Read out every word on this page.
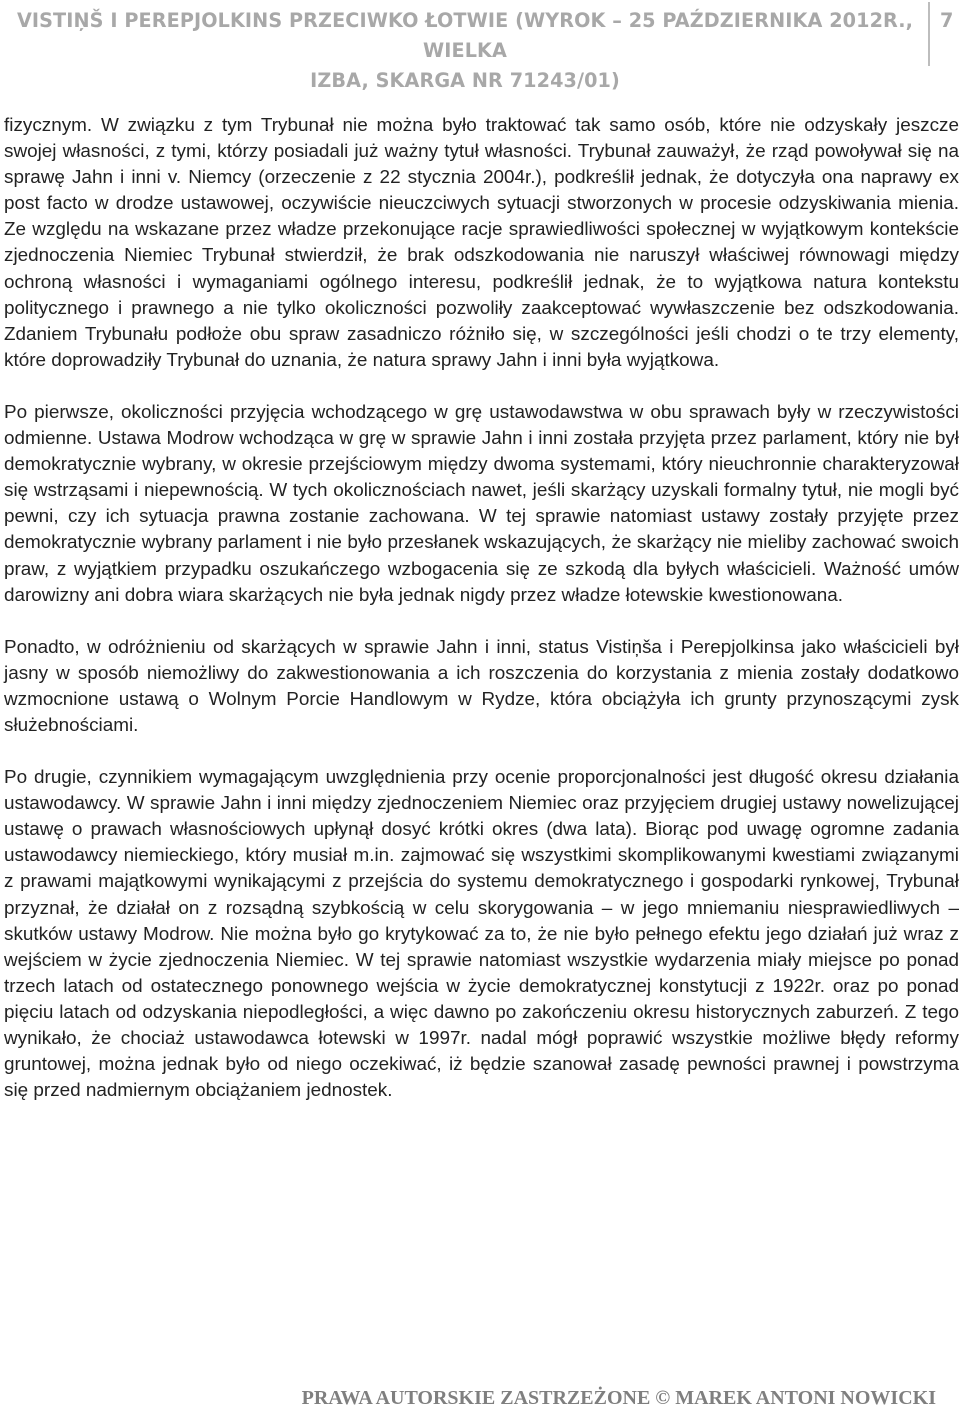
VISTIŅŠ I PEREPJOLKINS PRZECIWKO ŁOTWIE (WYROK – 25 PAŹDZIERNIKA 2012R., WIELKA
IZBA, SKARGA NR 71243/01)
7

fizycznym. W związku z tym Trybunał nie można było traktować tak samo osób, które nie odzyskały jeszcze swojej własności, z tymi, którzy posiadali już ważny tytuł własności. Trybunał zauważył, że rząd powoływał się na sprawę Jahn i inni v. Niemcy (orzeczenie z 22 stycznia 2004r.), podkreślił jednak, że dotyczyła ona naprawy ex post facto w drodze ustawowej, oczywiście nieuczciwych sytuacji stworzonych w procesie odzyskiwania mienia. Ze względu na wskazane przez władze przekonujące racje sprawiedliwości społecznej w wyjątkowym kontekście zjednoczenia Niemiec Trybunał stwierdził, że brak odszkodowania nie naruszył właściwej równowagi między ochroną własności i wymaganiami ogólnego interesu, podkreślił jednak, że to wyjątkowa natura kontekstu politycznego i prawnego a nie tylko okoliczności pozwoliły zaakceptować wywłaszczenie bez odszkodowania. Zdaniem Trybunału podłoże obu spraw zasadniczo różniło się, w szczególności jeśli chodzi o te trzy elementy, które doprowadziły Trybunał do uznania, że natura sprawy Jahn i inni była wyjątkowa.

Po pierwsze, okoliczności przyjęcia wchodzącego w grę ustawodawstwa w obu sprawach były w rzeczywistości odmienne. Ustawa Modrow wchodząca w grę w sprawie Jahn i inni została przyjęta przez parlament, który nie był demokratycznie wybrany, w okresie przejściowym między dwoma systemami, który nieuchronnie charakteryzował się wstrząsami i niepewnością. W tych okolicznościach nawet, jeśli skarżący uzyskali formalny tytuł, nie mogli być pewni, czy ich sytuacja prawna zostanie zachowana. W tej sprawie natomiast ustawy zostały przyjęte przez demokratycznie wybrany parlament i nie było przesłanek wskazujących, że skarżący nie mieliby zachować swoich praw, z wyjątkiem przypadku oszukańczego wzbogacenia się ze szkodą dla byłych właścicieli. Ważność umów darowizny ani dobra wiara skarżących nie była jednak nigdy przez władze łotewskie kwestionowana.

Ponadto, w odróżnieniu od skarżących w sprawie Jahn i inni, status Vistiņša i Perepjolkinsa jako właścicieli był jasny w sposób niemożliwy do zakwestionowania a ich roszczenia do korzystania z mienia zostały dodatkowo wzmocnione ustawą o Wolnym Porcie Handlowym w Rydze, która obciążyła ich grunty przynoszącymi zysk służebnościami.

Po drugie, czynnikiem wymagającym uwzględnienia przy ocenie proporcjonalności jest długość okresu działania ustawodawcy. W sprawie Jahn i inni między zjednoczeniem Niemiec oraz przyjęciem drugiej ustawy nowelizującej ustawę o prawach własnościowych upłynął dosyć krótki okres (dwa lata). Biorąc pod uwagę ogromne zadania ustawodawcy niemieckiego, który musiał m.in. zajmować się wszystkimi skomplikowanymi kwestiami związanymi z prawami majątkowymi wynikającymi z przejścia do systemu demokratycznego i gospodarki rynkowej, Trybunał przyznał, że działał on z rozsądną szybkością w celu skorygowania – w jego mniemaniu niesprawiedliwych – skutków ustawy Modrow. Nie można było go krytykować za to, że nie było pełnego efektu jego działań już wraz z wejściem w życie zjednoczenia Niemiec. W tej sprawie natomiast wszystkie wydarzenia miały miejsce po ponad trzech latach od ostatecznego ponownego wejścia w życie demokratycznej konstytucji z 1922r. oraz po ponad pięciu latach od odzyskania niepodległości, a więc dawno po zakończeniu okresu historycznych zaburzeń. Z tego wynikało, że chociaż ustawodawca łotewski w 1997r. nadal mógł poprawić wszystkie możliwe błędy reformy gruntowej, można jednak było od niego oczekiwać, iż będzie szanował zasadę pewności prawnej i powstrzyma się przed nadmiernym obciążaniem jednostek.

PRAWA AUTORSKIE ZASTRZEŻONE © MAREK ANTONI NOWICKI
